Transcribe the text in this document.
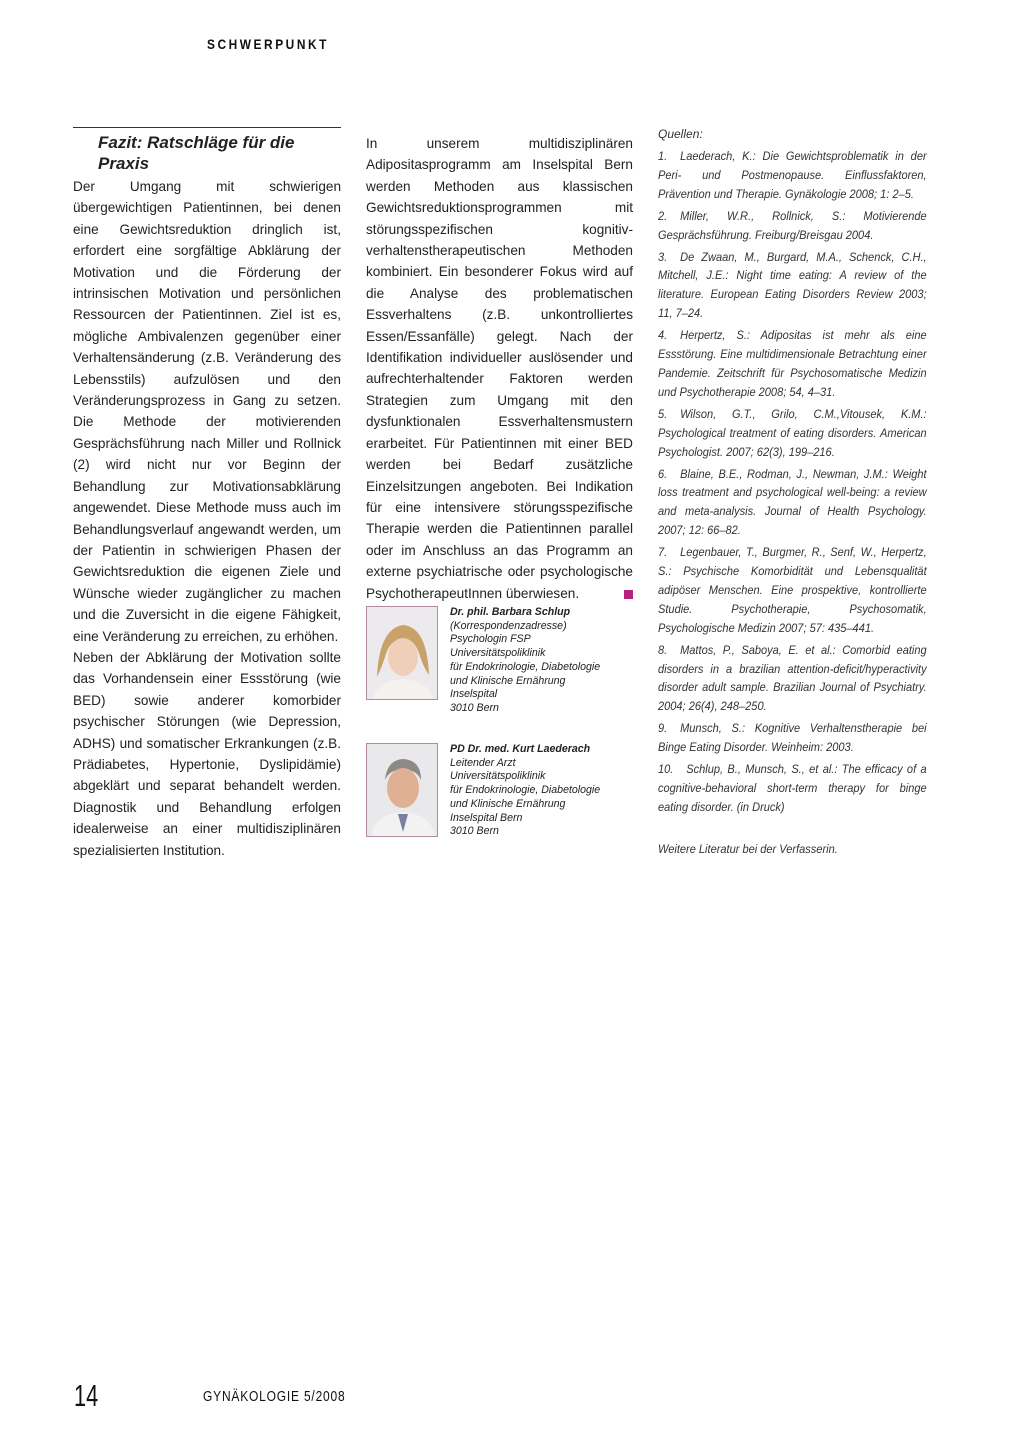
SCHWERPUNKT
Fazit: Ratschläge für die Praxis

Der Umgang mit schwierigen übergewichtigen Patientinnen, bei denen eine Gewichtsreduktion dringlich ist, erfordert eine sorgfältige Abklärung der Motivation und die Förderung der intrinsischen Motivation und persönlichen Ressourcen der Patientinnen. Ziel ist es, mögliche Ambivalenzen gegenüber einer Verhaltensänderung (z.B. Veränderung des Lebensstils) aufzulösen und den Veränderungsprozess in Gang zu setzen. Die Methode der motivierenden Gesprächsführung nach Miller und Rollnick (2) wird nicht nur vor Beginn der Behandlung zur Motivationsabklärung angewendet. Diese Methode muss auch im Behandlungsverlauf angewandt werden, um der Patientin in schwierigen Phasen der Gewichtsreduktion die eigenen Ziele und Wünsche wieder zugänglicher zu machen und die Zuversicht in die eigene Fähigkeit, eine Veränderung zu erreichen, zu erhöhen.

Neben der Abklärung der Motivation sollte das Vorhandensein einer Essstörung (wie BED) sowie anderer komorbider psychischer Störungen (wie Depression, ADHS) und somatischer Erkrankungen (z.B. Prädiabetes, Hypertonie, Dyslipidämie) abgeklärt und separat behandelt werden. Diagnostik und Behandlung erfolgen idealerweise an einer multidisziplinären spezialisierten Institution.

In unserem multidisziplinären Adipositasprogramm am Inselspital Bern werden Methoden aus klassischen Gewichtsreduktionsprogrammen mit störungsspezifischen kognitiv-verhaltenstherapeutischen Methoden kombiniert. Ein besonderer Fokus wird auf die Analyse des problematischen Essverhaltens (z.B. unkontrolliertes Essen/Essanfälle) gelegt. Nach der Identifikation individueller auslösender und aufrechterhaltender Faktoren werden Strategien zum Umgang mit den dysfunktionalen Essverhaltensmustern erarbeitet. Für Patientinnen mit einer BED werden bei Bedarf zusätzliche Einzelsitzungen angeboten. Bei Indikation für eine intensivere störungsspezifische Therapie werden die Patientinnen parallel oder im Anschluss an das Programm an externe psychiatrische oder psychologische PsychotherapeutInnen überwiesen.

Dr. phil. Barbara Schlup
(Korrespondenzadresse)
Psychologin FSP
Universitätspoliklinik
für Endokrinologie, Diabetologie
und Klinische Ernährung
Inselspital
3010 Bern
PD Dr. med. Kurt Laederach
Leitender Arzt
Universitätspoliklinik
für Endokrinologie, Diabetologie
und Klinische Ernährung
Inselspital Bern
3010 Bern
Quellen:
1. Laederach, K.: Die Gewichtsproblematik in der Peri- und Postmenopause. Einflussfaktoren, Prävention und Therapie. Gynäkologie 2008; 1: 2–5.
2. Miller, W.R., Rollnick, S.: Motivierende Gesprächsführung. Freiburg/Breisgau 2004.
3. De Zwaan, M., Burgard, M.A., Schenck, C.H., Mitchell, J.E.: Night time eating: A review of the literature. European Eating Disorders Review 2003; 11, 7–24.
4. Herpertz, S.: Adipositas ist mehr als eine Essstörung. Eine multidimensionale Betrachtung einer Pandemie. Zeitschrift für Psychosomatische Medizin und Psychotherapie 2008; 54, 4–31.
5. Wilson, G.T., Grilo, C.M.,Vitousek, K.M.: Psychological treatment of eating disorders. American Psychologist. 2007; 62(3), 199–216.
6. Blaine, B.E., Rodman, J., Newman, J.M.: Weight loss treatment and psychological well-being: a review and meta-analysis. Journal of Health Psychology. 2007; 12: 66–82.
7. Legenbauer, T., Burgmer, R., Senf, W., Herpertz, S.: Psychische Komorbidität und Lebensqualität adipöser Menschen. Eine prospektive, kontrollierte Studie. Psychotherapie, Psychosomatik, Psychologische Medizin 2007; 57: 435–441.
8. Mattos, P., Saboya, E. et al.: Comorbid eating disorders in a brazilian attention-deficit/hyperactivity disorder adult sample. Brazilian Journal of Psychiatry. 2004; 26(4), 248–250.
9. Munsch, S.: Kognitive Verhaltenstherapie bei Binge Eating Disorder. Weinheim: 2003.
10. Schlup, B., Munsch, S., et al.: The efficacy of a cognitive-behavioral short-term therapy for binge eating disorder. (in Druck)
Weitere Literatur bei der Verfasserin.
14	GYNÄKOLOGIE 5/2008
